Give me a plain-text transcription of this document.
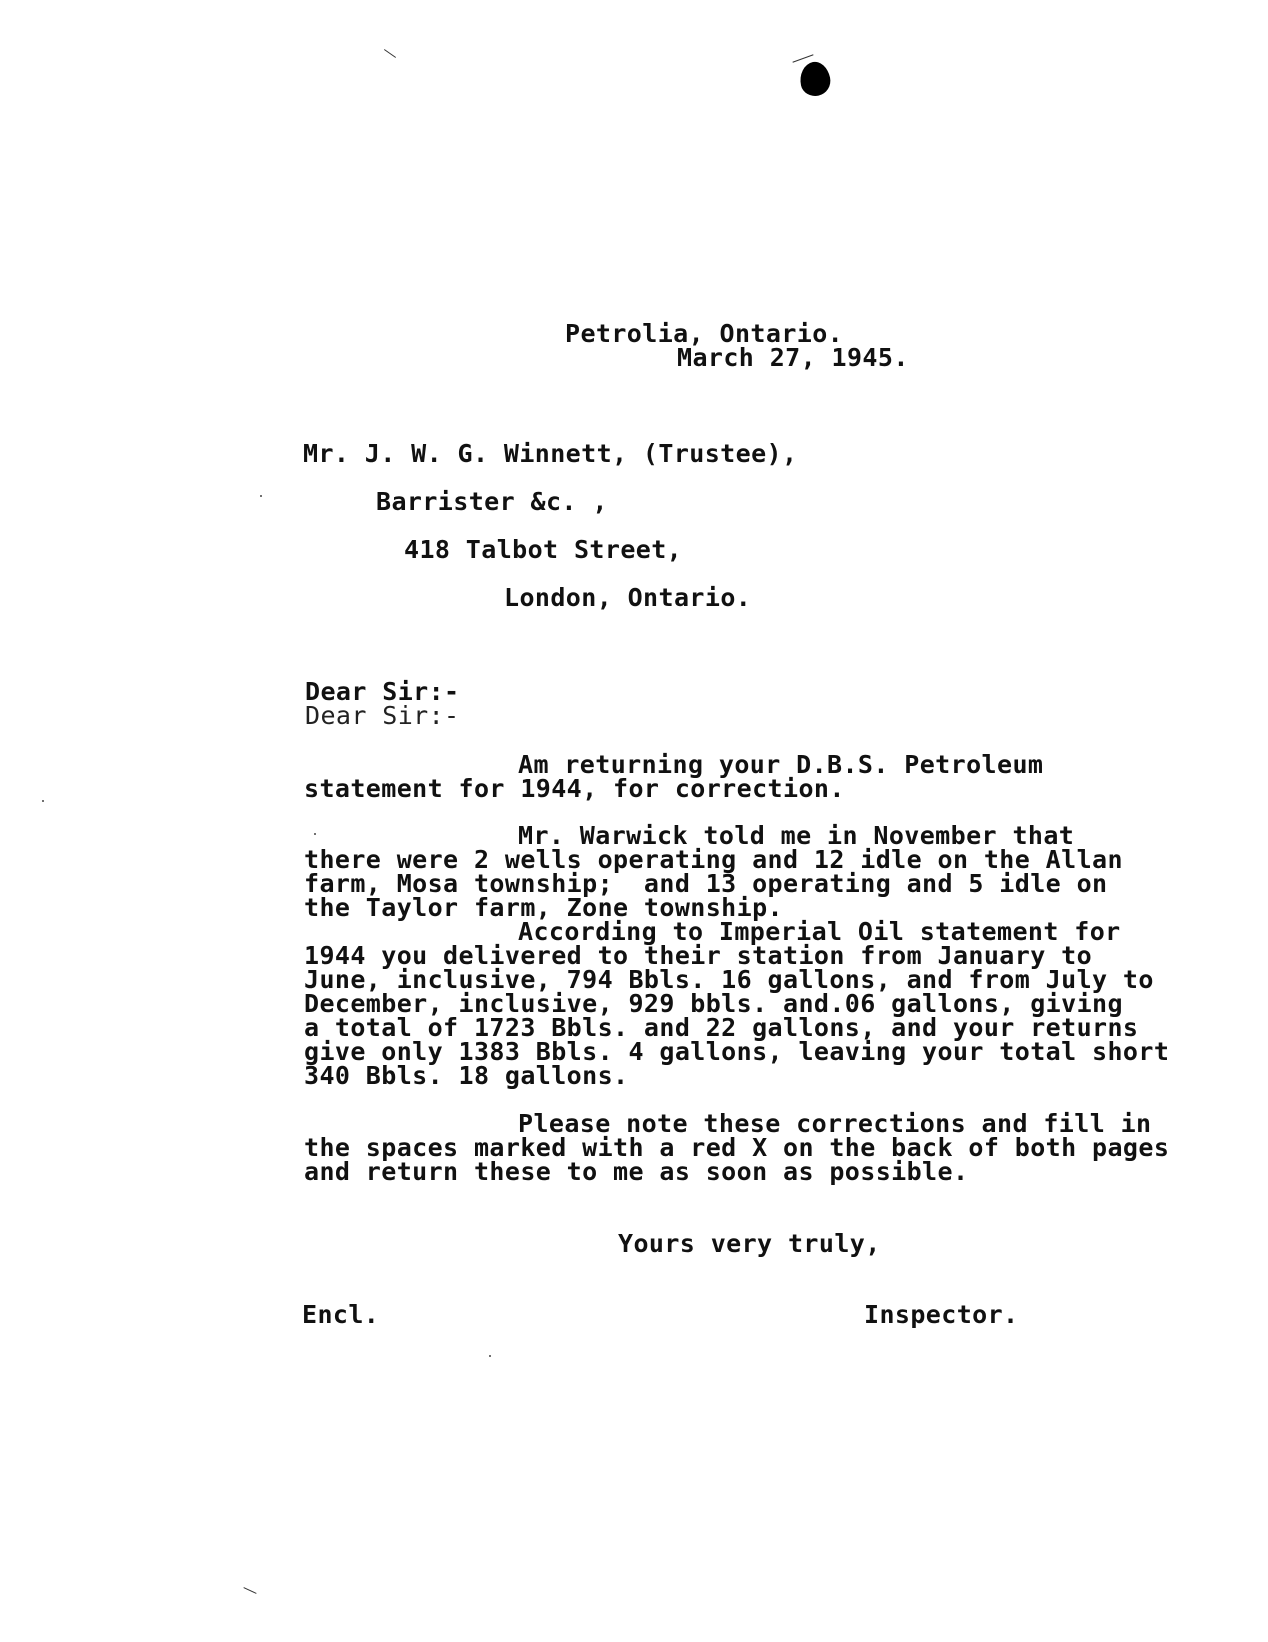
Petrolia, Ontario.
March 27, 1945.
Mr. J. W. G. Winnett, (Trustee),
Barrister &c. ,
418 Talbot Street,
London, Ontario.
Dear Sir:-
Dear Sir:-
Am returning your D.B.S. Petroleum
statement for 1944, for correction.
Mr. Warwick told me in November that
there were 2 wells operating and 12 idle on the Allan
farm, Mosa township;  and 13 operating and 5 idle on
the Taylor farm, Zone township.
According to Imperial Oil statement for
1944 you delivered to their station from January to
June, inclusive, 794 Bbls. 16 gallons, and from July to
December, inclusive, 929 bbls. and.06 gallons, giving
a total of 1723 Bbls. and 22 gallons, and your returns
give only 1383 Bbls. 4 gallons, leaving your total short
340 Bbls. 18 gallons.
Please note these corrections and fill in
the spaces marked with a red X on the back of both pages
and return these to me as soon as possible.
Yours very truly,
Encl.	Inspector.
